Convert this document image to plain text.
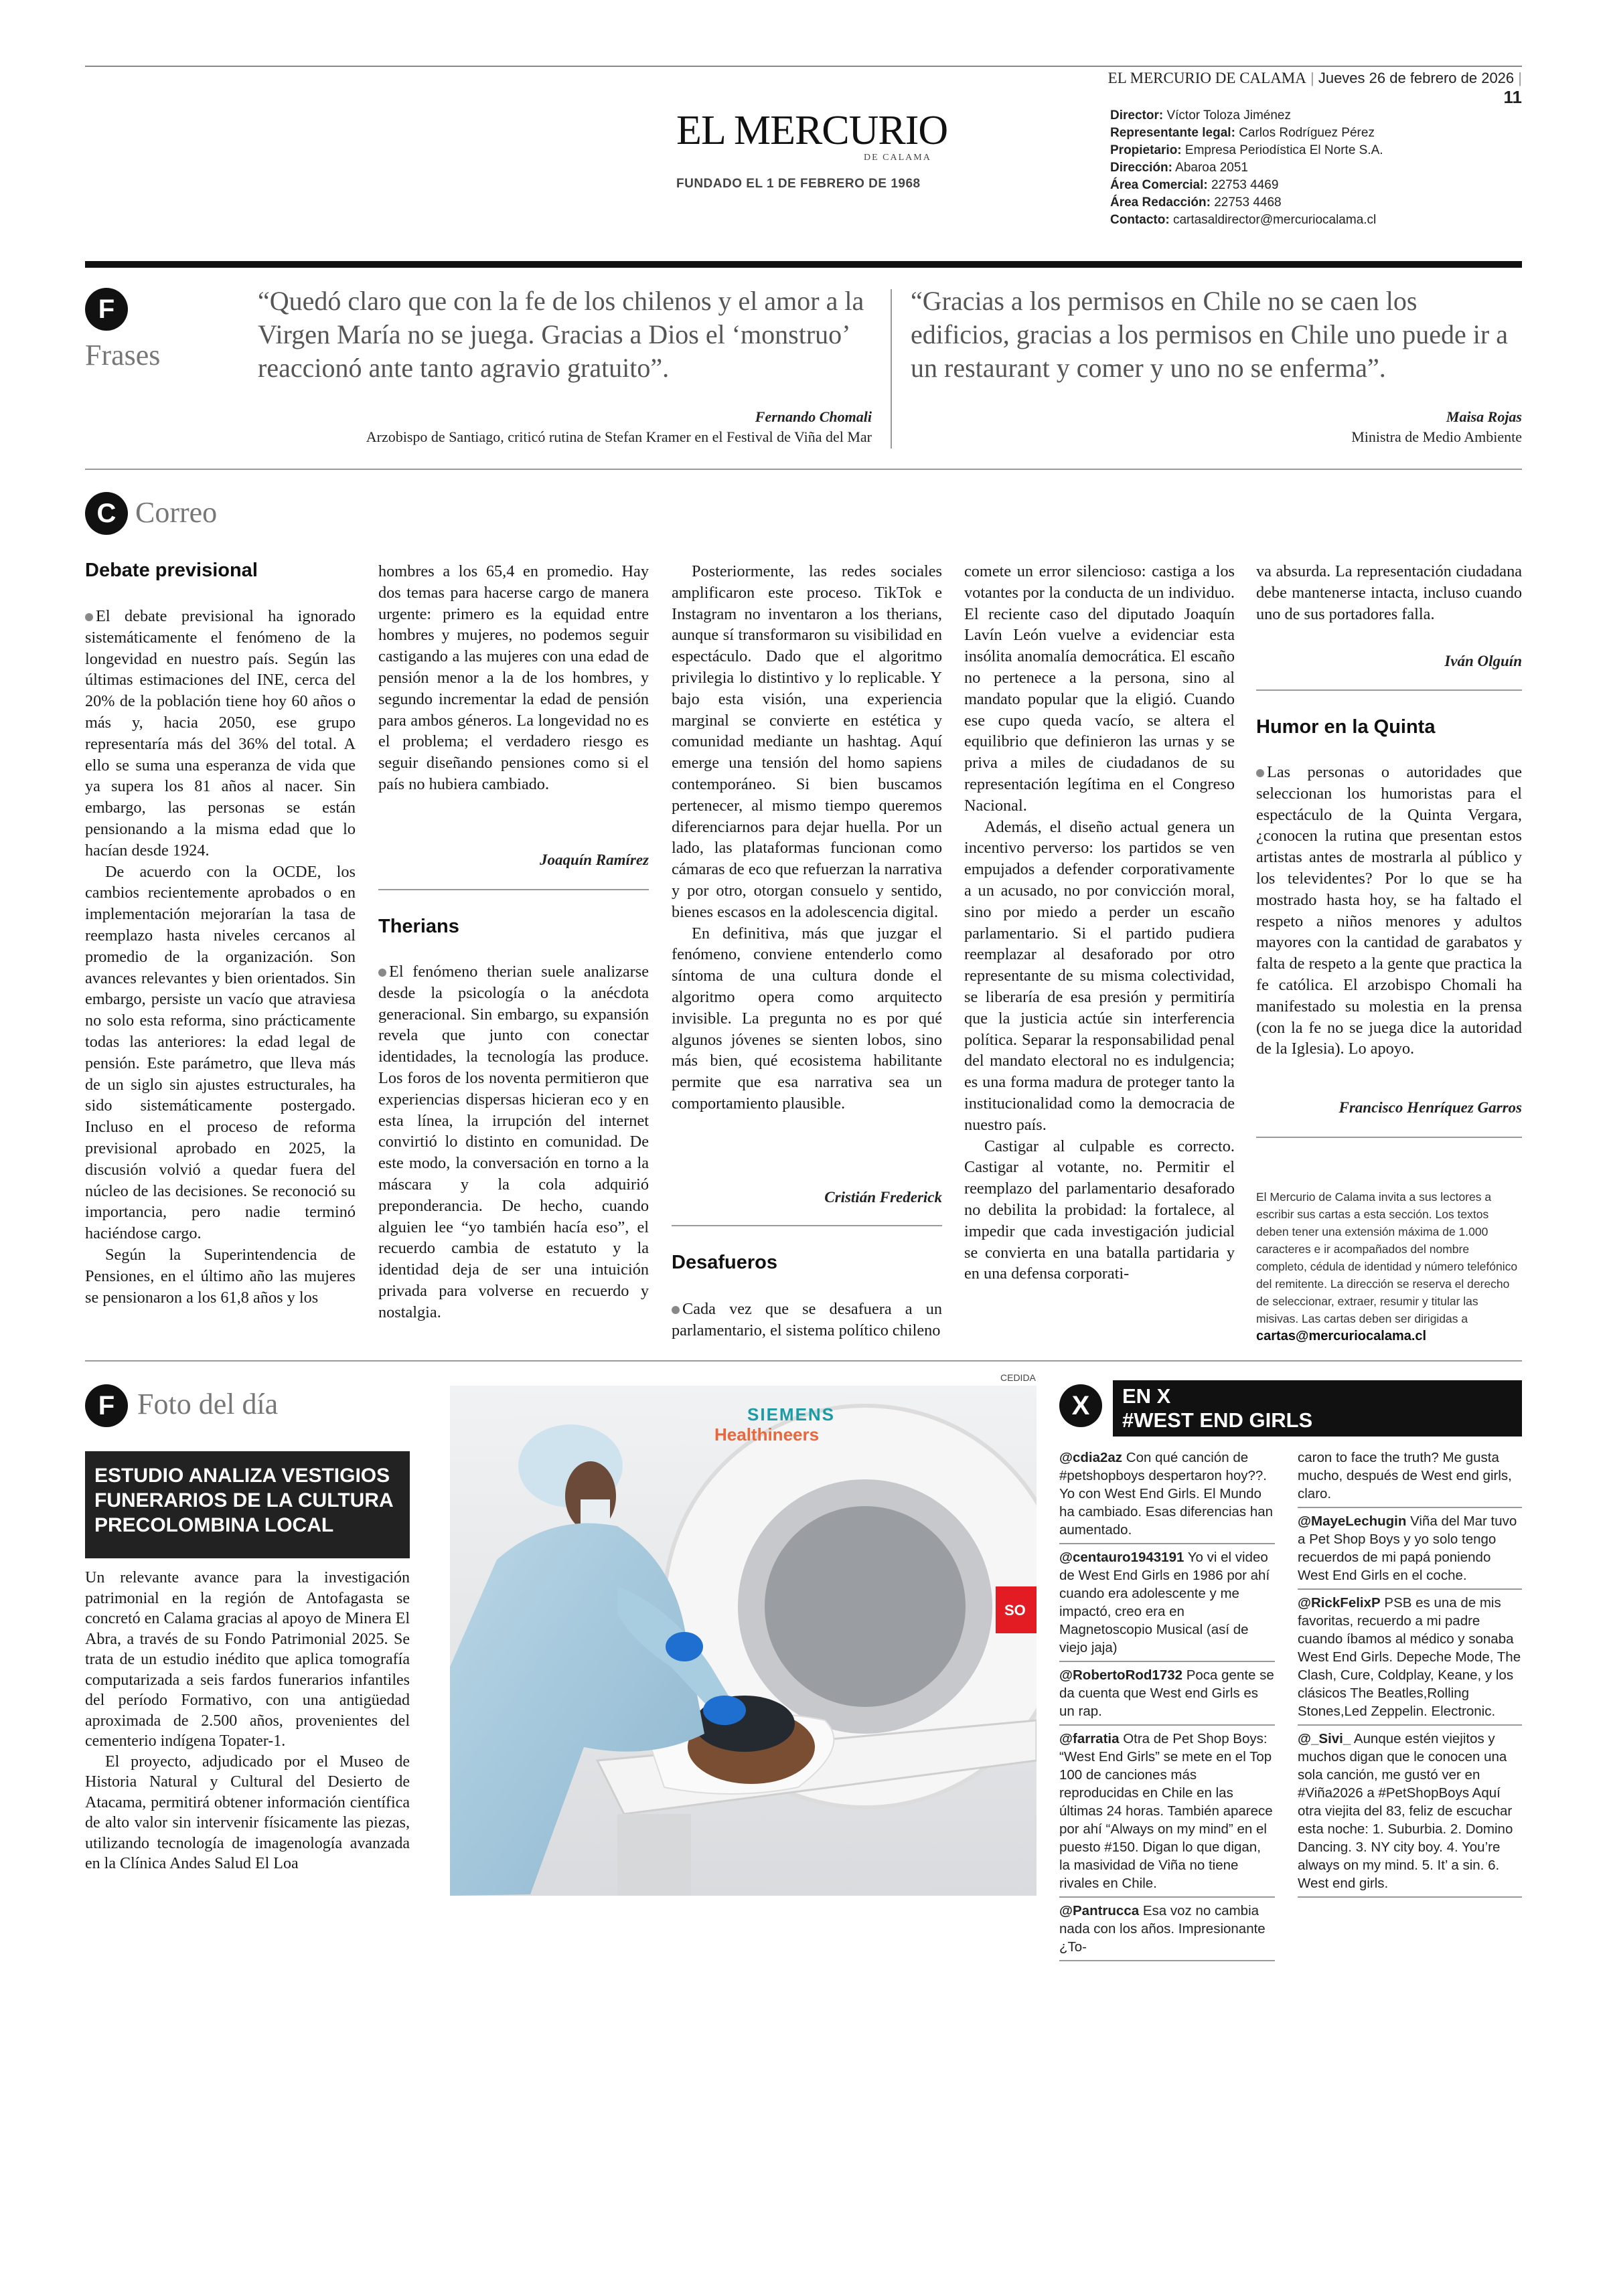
EL MERCURIO DE CALAMA | Jueves 26 de febrero de 2026 | 11
EL MERCURIO
DE CALAMA
FUNDADO EL 1 DE FEBRERO DE 1968
Director: Víctor Toloza Jiménez
Representante legal: Carlos Rodríguez Pérez
Propietario: Empresa Periodística El Norte S.A.
Dirección: Abaroa 2051
Área Comercial: 22753 4469
Área Redacción: 22753 4468
Contacto: cartasaldirector@mercuriocalama.cl
F
Frases
“Quedó claro que con la fe de los chilenos y el amor a la Virgen María no se juega. Gracias a Dios el ‘monstruo’ reaccionó ante tanto agravio gratuito”.
Fernando Chomali
Arzobispo de Santiago, criticó rutina de Stefan Kramer en el Festival de Viña del Mar
“Gracias a los permisos en Chile no se caen los edificios, gracias a los permisos en Chile uno puede ir a un restaurant y comer y uno no se enferma”.
Maisa Rojas
Ministra de Medio Ambiente
C Correo
Debate previsional

El debate previsional ha ignorado sistemáticamente el fenómeno de la longevidad en nuestro país. Según las últimas estimaciones del INE, cerca del 20% de la población tiene hoy 60 años o más y, hacia 2050, ese grupo representaría más del 36% del total. A ello se suma una esperanza de vida que ya supera los 81 años al nacer. Sin embargo, las personas se están pensionando a la misma edad que lo hacían desde 1924.

De acuerdo con la OCDE, los cambios recientemente aprobados o en implementación mejorarían la tasa de reemplazo hasta niveles cercanos al promedio de la organización. Son avances relevantes y bien orientados. Sin embargo, persiste un vacío que atraviesa no solo esta reforma, sino prácticamente todas las anteriores: la edad legal de pensión. Este parámetro, que lleva más de un siglo sin ajustes estructurales, ha sido sistemáticamente postergado. Incluso en el proceso de reforma previsional aprobado en 2025, la discusión volvió a quedar fuera del núcleo de las decisiones. Se reconoció su importancia, pero nadie terminó haciéndose cargo.

Según la Superintendencia de Pensiones, en el último año las mujeres se pensionaron a los 61,8 años y los

hombres a los 65,4 en promedio. Hay dos temas para hacerse cargo de manera urgente: primero es la equidad entre hombres y mujeres, no podemos seguir castigando a las mujeres con una edad de pensión menor a la de los hombres, y segundo incrementar la edad de pensión para ambos géneros. La longevidad no es el problema; el verdadero riesgo es seguir diseñando pensiones como si el país no hubiera cambiado.

Joaquín Ramírez
Therians

El fenómeno therian suele analizarse desde la psicología o la anécdota generacional. Sin embargo, su expansión revela que junto con conectar identidades, la tecnología las produce. Los foros de los noventa permitieron que experiencias dispersas hicieran eco y en esta línea, la irrupción del internet convirtió lo distinto en comunidad. De este modo, la conversación en torno a la máscara y la cola adquirió preponderancia. De hecho, cuando alguien lee “yo también hacía eso”, el recuerdo cambia de estatuto y la identidad deja de ser una intuición privada para volverse en recuerdo y nostalgia.

Posteriormente, las redes sociales amplificaron este proceso. TikTok e Instagram no inventaron a los therians, aunque sí transformaron su visibilidad en espectáculo. Dado que el algoritmo privilegia lo distintivo y lo replicable. Y bajo esta visión, una experiencia marginal se convierte en estética y comunidad mediante un hashtag. Aquí emerge una tensión del homo sapiens contemporáneo. Si bien buscamos pertenecer, al mismo tiempo queremos diferenciarnos para dejar huella. Por un lado, las plataformas funcionan como cámaras de eco que refuerzan la narrativa y por otro, otorgan consuelo y sentido, bienes escasos en la adolescencia digital.

En definitiva, más que juzgar el fenómeno, conviene entenderlo como síntoma de una cultura donde el algoritmo opera como arquitecto invisible. La pregunta no es por qué algunos jóvenes se sienten lobos, sino más bien, qué ecosistema habilitante permite que esa narrativa sea un comportamiento plausible.

Cristián Frederick
Desafueros

Cada vez que se desafuera a un parlamentario, el sistema político chileno

comete un error silencioso: castiga a los votantes por la conducta de un individuo. El reciente caso del diputado Joaquín Lavín León vuelve a evidenciar esta insólita anomalía democrática. El escaño no pertenece a la persona, sino al mandato popular que la eligió. Cuando ese cupo queda vacío, se altera el equilibrio que definieron las urnas y se priva a miles de ciudadanos de su representación legítima en el Congreso Nacional.

Además, el diseño actual genera un incentivo perverso: los partidos se ven empujados a defender corporativamente a un acusado, no por convicción moral, sino por miedo a perder un escaño parlamentario. Si el partido pudiera reemplazar al desaforado por otro representante de su misma colectividad, se liberaría de esa presión y permitiría que la justicia actúe sin interferencia política. Separar la responsabilidad penal del mandato electoral no es indulgencia; es una forma madura de proteger tanto la institucionalidad como la democracia de nuestro país.

Castigar al culpable es correcto. Castigar al votante, no. Permitir el reemplazo del parlamentario desaforado no debilita la probidad: la fortalece, al impedir que cada investigación judicial se convierta en una batalla partidaria y en una defensa corporati-

va absurda. La representación ciudadana debe mantenerse intacta, incluso cuando uno de sus portadores falla.

Iván Olguín
Humor en la Quinta

Las personas o autoridades que seleccionan los humoristas para el espectáculo de la Quinta Vergara, ¿conocen la rutina que presentan estos artistas antes de mostrarla al público y los televidentes? Por lo que se ha mostrado hasta hoy, se ha faltado el respeto a niños menores y adultos mayores con la cantidad de garabatos y falta de respeto a la gente que practica la fe católica. El arzobispo Chomali ha manifestado su molestia en la prensa (con la fe no se juega dice la autoridad de la Iglesia). Lo apoyo.

Francisco Henríquez Garros
El Mercurio de Calama invita a sus lectores a escribir sus cartas a esta sección. Los textos deben tener una extensión máxima de 1.000 caracteres e ir acompañados del nombre completo, cédula de identidad y número telefónico del remitente. La dirección se reserva el derecho de seleccionar, extraer, resumir y titular las misivas. Las cartas deben ser dirigidas a cartas@mercuriocalama.cl
F Foto del día
ESTUDIO ANALIZA VESTIGIOS FUNERARIOS DE LA CULTURA PRECOLOMBINA LOCAL

Un relevante avance para la investigación patrimonial en la región de Antofagasta se concretó en Calama gracias al apoyo de Minera El Abra, a través de su Fondo Patrimonial 2025. Se trata de un estudio inédito que aplica tomografía computarizada a seis fardos funerarios infantiles del período Formativo, con una antigüedad aproximada de 2.500 años, provenientes del cementerio indígena Topater-1.

El proyecto, adjudicado por el Museo de Historia Natural y Cultural del Desierto de Atacama, permitirá obtener información científica de alto valor sin intervenir físicamente las piezas, utilizando tecnología de imagenología avanzada en la Clínica Andes Salud El Loa

CEDIDA
SO
SIEMENS
Healthineers
X	EN X
#WEST END GIRLS
@cdia2az Con qué canción de #petshopboys despertaron hoy??. Yo con West End Girls. El Mundo ha cambiado. Esas diferencias han aumentado.
@centauro1943191 Yo vi el video de West End Girls en 1986 por ahí cuando era adolescente y me impactó, creo era en Magnetoscopio Musical (así de viejo jaja)
@RobertoRod1732 Poca gente se da cuenta que West end Girls es un rap.
@farratia Otra de Pet Shop Boys: “West End Girls” se mete en el Top 100 de canciones más reproducidas en Chile en las últimas 24 horas. También aparece por ahí “Always on my mind” en el puesto #150. Digan lo que digan, la masividad de Viña no tiene rivales en Chile.
@Pantrucca Esa voz no cambia nada con los años. Impresionante ¿To-
caron to face the truth? Me gusta mucho, después de West end girls, claro.
@MayeLechugin Viña del Mar tuvo a Pet Shop Boys y yo solo tengo recuerdos de mi papá poniendo West End Girls en el coche.
@RickFelixP PSB es una de mis favoritas, recuerdo a mi padre cuando íbamos al médico y sonaba West End Girls. Depeche Mode, The Clash, Cure, Coldplay, Keane, y los clásicos The Beatles,Rolling Stones,Led Zeppelin. Electronic.
@_Sivi_ Aunque estén viejitos y muchos digan que le conocen una sola canción, me gustó ver en #Viña2026 a #PetShopBoys Aquí otra viejita del 83, feliz de escuchar esta noche: 1. Suburbia. 2. Domino Dancing. 3. NY city boy. 4. You’re always on my mind. 5. It’ a sin. 6. West end girls.
